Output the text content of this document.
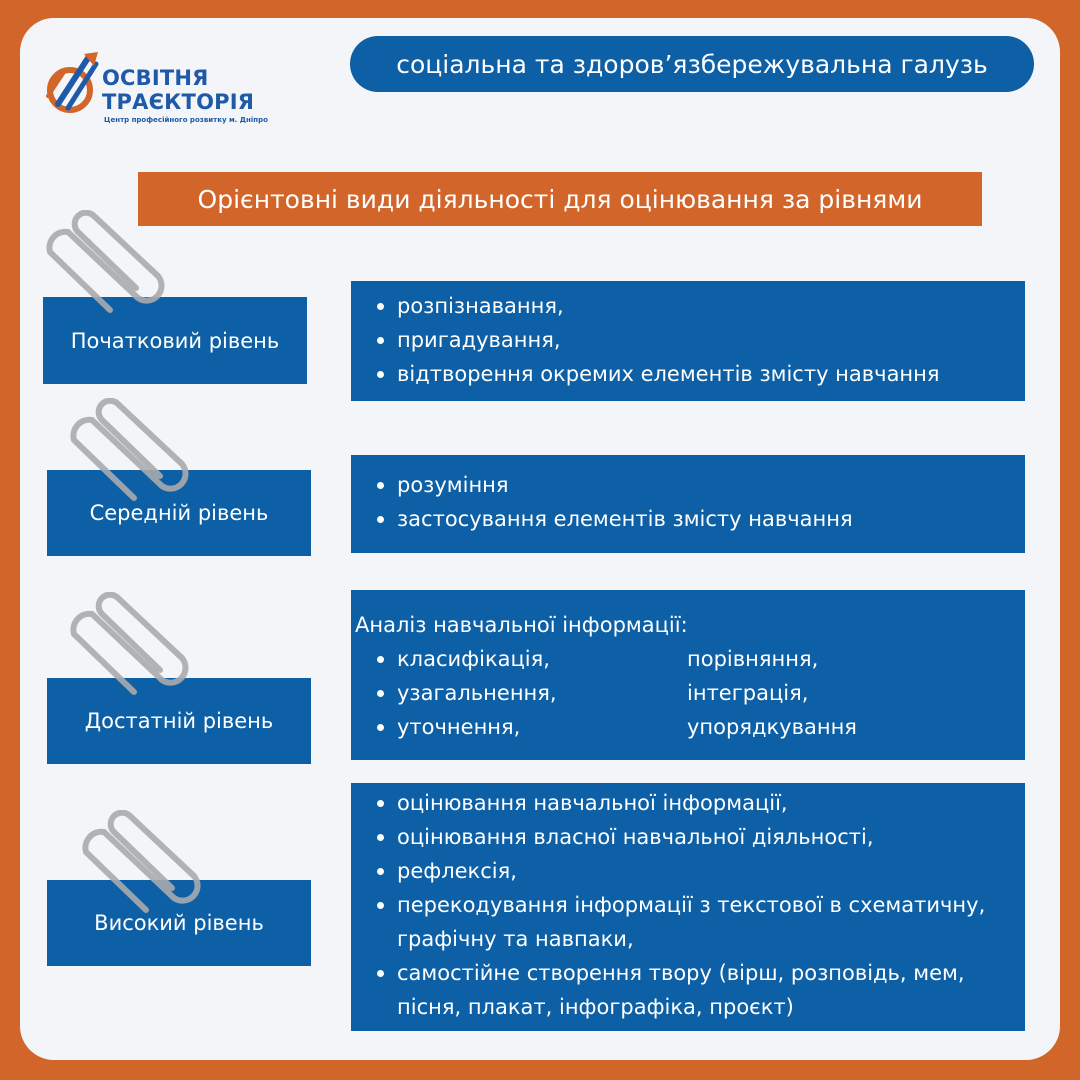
ОСВІТНЯ
ТРАЄКТОРІЯ
Центр професійного розвитку м. Дніпро
соціальна та здоров’язбережувальна галузь
Орієнтовні види діяльності для оцінювання за рівнями
Початковий рівень
розпізнавання,
пригадування,
відтворення окремих елементів змісту навчання
Середній рівень
розуміння
застосування елементів змісту навчання
Достатній рівень
Аналіз навчальної інформації:
класифікація,	порівняння,
узагальнення,	інтеграція,
уточнення,	упорядкування
Високий рівень
оцінювання навчальної інформації,
оцінювання власної навчальної діяльності,
рефлексія,
перекодування інформації з текстової в схематичну, графічну та навпаки,
самостійне створення твору (вірш, розповідь, мем, пісня, плакат, інфографіка, проєкт)
